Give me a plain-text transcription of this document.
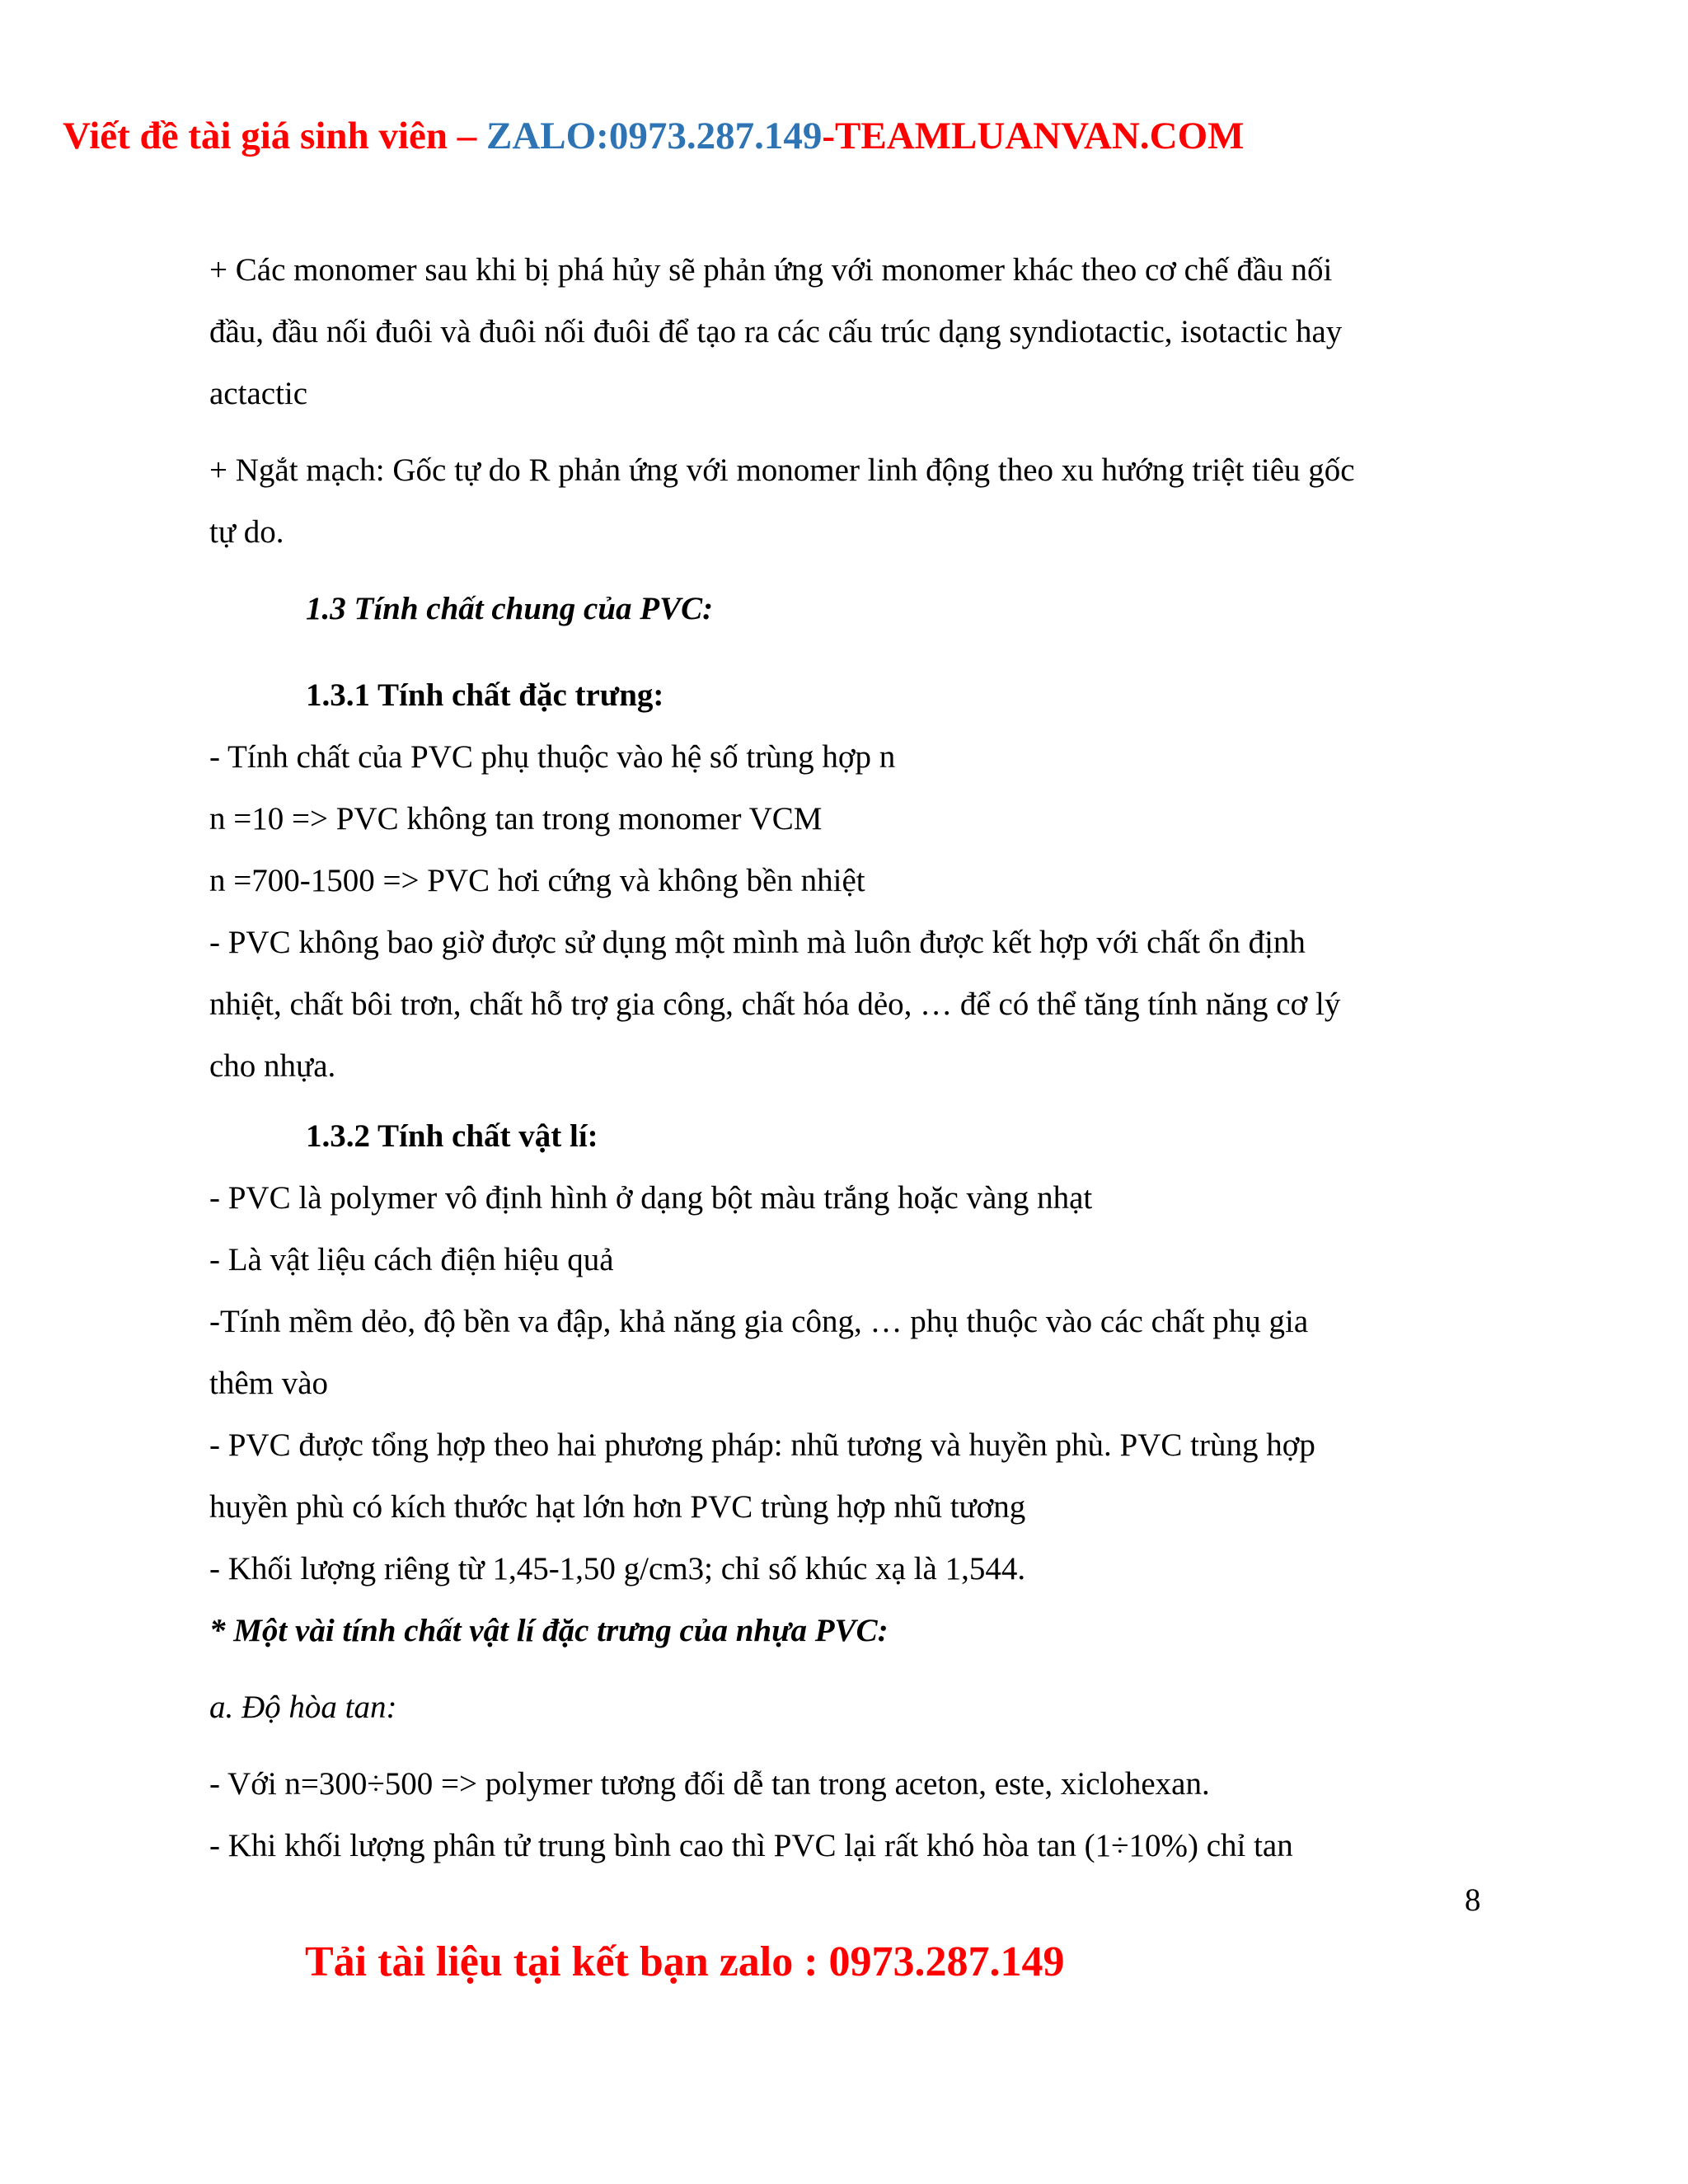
Viết đề tài giá sinh viên – ZALO:0973.287.149-TEAMLUANVAN.COM

+ Các monomer sau khi bị phá hủy sẽ phản ứng với monomer khác theo cơ chế đầu nối

đầu, đầu nối đuôi và đuôi nối đuôi để tạo ra các cấu trúc dạng syndiotactic, isotactic hay

actactic

+ Ngắt mạch: Gốc tự do R phản ứng với monomer linh động theo xu hướng triệt tiêu gốc

tự do.

1.3 Tính chất chung của PVC:

1.3.1 Tính chất đặc trưng:

- Tính chất của PVC phụ thuộc vào hệ số trùng hợp n

n =10 => PVC không tan trong monomer VCM

n =700-1500 => PVC hơi cứng và không bền nhiệt

- PVC không bao giờ được sử dụng một mình mà luôn được kết hợp với chất ổn định

nhiệt, chất bôi trơn, chất hỗ trợ gia công, chất hóa dẻo, … để có thể tăng tính năng cơ lý

cho nhựa.

1.3.2 Tính chất vật lí:

- PVC là polymer vô định hình ở dạng bột màu trắng hoặc vàng nhạt

- Là vật liệu cách điện hiệu quả

-Tính mềm dẻo, độ bền va đập, khả năng gia công, … phụ thuộc vào các chất phụ gia

thêm vào

- PVC được tổng hợp theo hai phương pháp: nhũ tương và huyền phù. PVC trùng hợp

huyền phù có kích thước hạt lớn hơn PVC trùng hợp nhũ tương

- Khối lượng riêng từ 1,45-1,50 g/cm3; chỉ số khúc xạ là 1,544.

* Một vài tính chất vật lí đặc trưng của nhựa PVC:

a. Độ hòa tan:

- Với n=300÷500 => polymer tương đối dễ tan trong aceton, este, xiclohexan.

- Khi khối lượng phân tử trung bình cao thì PVC lại rất khó hòa tan (1÷10%) chỉ tan

8
Tải tài liệu tại kết bạn zalo : 0973.287.149
